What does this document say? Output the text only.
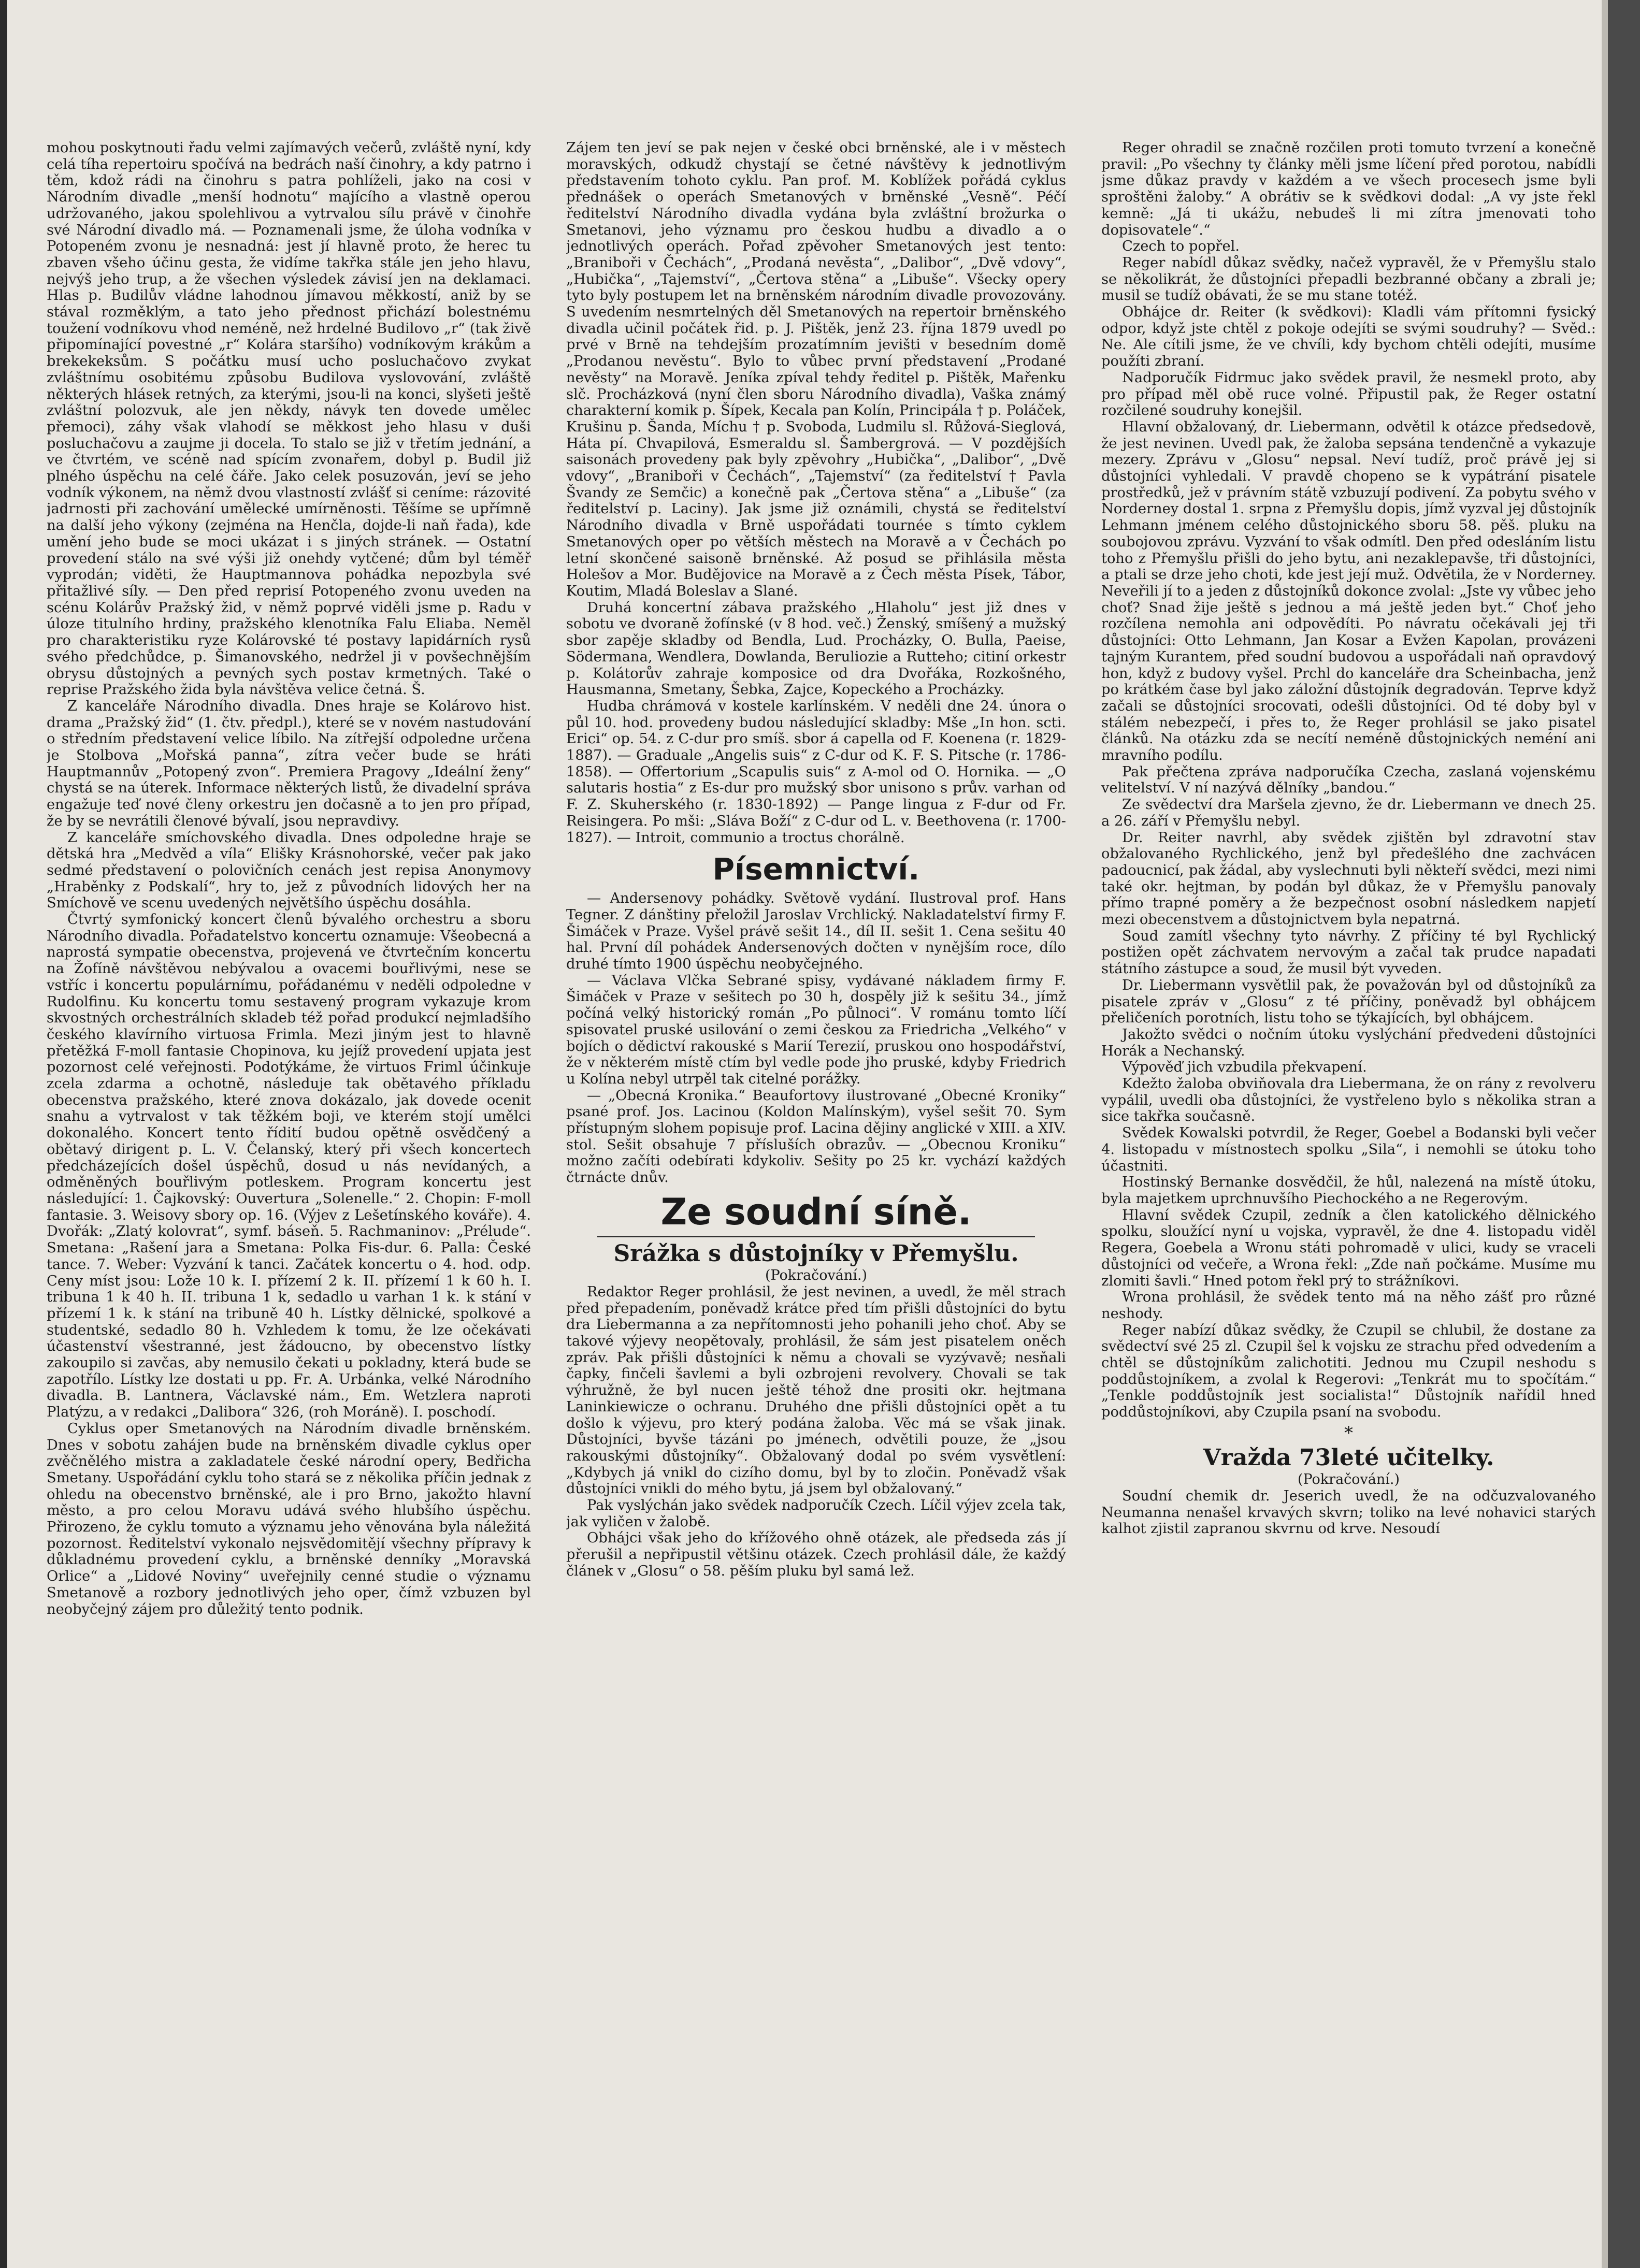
mohou poskytnouti řadu velmi zajímavých večerů, zvláště nyní, kdy celá tíha repertoiru spočívá na bedrách naší činohry, a kdy patrno i těm, kdož rádi na činohru s patra pohlíželi, jako na cosi v Národním divadle „menší hodnotu“ majícího a vlastně operou udržovaného, jakou spolehlivou a vytrvalou sílu právě v činohře své Národní divadlo má. — Poznamenali jsme, že úloha vodníka v Potopeném zvonu je nesnadná: jest jí hlavně proto, že herec tu zbaven všeho účinu gesta, že vidíme takřka stále jen jeho hlavu, nejvýš jeho trup, a že všechen výsledek závisí jen na deklamaci. Hlas p. Budilův vládne lahodnou jímavou měkkostí, aniž by se stával rozměklým, a tato jeho přednost přichází bolestnému toužení vodníkovu vhod neméně, než hrdelné Budilovo „r“ (tak živě připomínající povestné „r“ Kolára staršího) vodníkovým krákům a brekekeksům. S počátku musí ucho posluchačovo zvykat zvláštnímu osobitému způsobu Budilova vyslovování, zvláště některých hlásek retných, za kterými, jsou-li na konci, slyšeti ještě zvláštní polozvuk, ale jen někdy, návyk ten dovede umělec přemoci), záhy však vlahodí se měkkost jeho hlasu v duši posluchačovu a zaujme ji docela. To stalo se již v třetím jednání, a ve čtvrtém, ve scéně nad spícím zvonařem, dobyl p. Budil již plného úspěchu na celé čáře. Jako celek posuzován, jeví se jeho vodník výkonem, na němž dvou vlastností zvlášť si ceníme: rázovité jadrnosti při zachování umělecké umírněnosti. Těšíme se upřímně na další jeho výkony (zejména na Henčla, dojde-li naň řada), kde umění jeho bude se moci ukázat i s jiných stránek. — Ostatní provedení stálo na své výši již onehdy vytčené; dům byl téměř vyprodán; viděti, že Hauptmannova pohádka nepozbyla své přitažlivé síly. — Den před reprisí Potopeného zvonu uveden na scénu Kolárův Pražský žid, v němž poprvé viděli jsme p. Radu v úloze titulního hrdiny, pražského klenotníka Falu Eliaba. Neměl pro charakteristiku ryze Kolárovské té postavy lapidárních rysů svého předchůdce, p. Šimanovského, nedržel ji v povšechnějším obrysu důstojných a pevných sych postav krmetných. Také o reprise Pražského žida byla návštěva velice četná. Š.

Z kanceláře Národního divadla. Dnes hraje se Kolárovo hist. drama „Pražský žid“ (1. čtv. předpl.), které se v novém nastudování o středním představení velice líbilo. Na zítřejší odpoledne určena je Stolbova „Mořská panna“, zítra večer bude se hráti Hauptmannův „Potopený zvon“. Premiera Pragovy „Ideální ženy“ chystá se na úterek. Informace některých listů, že divadelní správa engažuje teď nové členy orkestru jen dočasně a to jen pro případ, že by se nevrátili členové bývalí, jsou nepravdivy.

Z kanceláře smíchovského divadla. Dnes odpoledne hraje se dětská hra „Medvěd a víla“ Elišky Krásnohorské, večer pak jako sedmé představení o polovičních cenách jest repisa Anonymovy „Hraběnky z Podskalí“, hry to, jež z původních lidových her na Smíchově ve scenu uvedených největšího úspěchu dosáhla.

Čtvrtý symfonický koncert členů bývalého orchestru a sboru Národního divadla. Pořadatelstvo koncertu oznamuje: Všeobecná a naprostá sympatie obecenstva, projevená ve čtvrtečním koncertu na Žofíně návštěvou nebývalou a ovacemi bouřlivými, nese se vstříc i koncertu populárnímu, pořádanému v neděli odpoledne v Rudolfinu. Ku koncertu tomu sestavený program vykazuje krom skvostných orchestrálních skladeb též pořad produkcí nejmladšího českého klavírního virtuosa Frimla. Mezi jiným jest to hlavně přetěžká F-moll fantasie Chopinova, ku jejíž provedení upjata jest pozornost celé veřejnosti. Podotýkáme, že virtuos Friml účinkuje zcela zdarma a ochotně, následuje tak obětavého příkladu obecenstva pražského, které znova dokázalo, jak dovede ocenit snahu a vytrvalost v tak těžkém boji, ve kterém stojí umělci dokonalého. Koncert tento řídití budou opětně osvědčený a obětavý dirigent p. L. V. Čelanský, který při všech koncertech předcházejících došel úspěchů, dosud u nás nevídaných, a odměněných bouřlivým potleskem. Program koncertu jest následující: 1. Čajkovský: Ouvertura „Solenelle.“ 2. Chopin: F-moll fantasie. 3. Weisovy sbory op. 16. (Výjev z Lešetínského kováře). 4. Dvořák: „Zlatý kolovrat“, symf. báseň. 5. Rachmaninov: „Prélude“. Smetana: „Rašení jara a Smetana: Polka Fis-dur. 6. Palla: České tance. 7. Weber: Vyzvání k tanci. Začátek koncertu o 4. hod. odp. Ceny míst jsou: Lože 10 k. I. přízemí 2 k. II. přízemí 1 k 60 h. I. tribuna 1 k 40 h. II. tribuna 1 k, sedadlo u varhan 1 k. k stání v přízemí 1 k. k stání na tribuně 40 h. Lístky dělnické, spolkové a studentské, sedadlo 80 h. Vzhledem k tomu, že lze očekávati účastenství všestranné, jest žádoucno, by obecenstvo lístky zakoupilo si zavčas, aby nemusilo čekati u pokladny, která bude se zapotřílo. Lístky lze dostati u pp. Fr. A. Urbánka, velké Národního divadla. B. Lantnera, Václavské nám., Em. Wetzlera naproti Platýzu, a v redakci „Dalibora“ 326, (roh Moráně). I. poschodí.

Cyklus oper Smetanových na Národním divadle brněnském. Dnes v sobotu zahájen bude na brněnském divadle cyklus oper zvěčnělého mistra a zakladatele české národní opery, Bedřicha Smetany. Uspořádání cyklu toho stará se z několika příčin jednak z ohledu na obecenstvo brněnské, ale i pro Brno, jakožto hlavní město, a pro celou Moravu udává svého hlubšího úspěchu. Přirozeno, že cyklu tomuto a významu jeho věnována byla náležitá pozornost. Ředitelství vykonalo nejsvědomitějí všechny přípravy k důkladnému provedení cyklu, a brněnské denníky „Moravská Orlice“ a „Lidové Noviny“ uveřejnily cenné studie o významu Smetanově a rozbory jednotlivých jeho oper, čímž vzbuzen byl neobyčejný zájem pro důležitý tento podnik.

Zájem ten jeví se pak nejen v české obci brněnské, ale i v městech moravských, odkudž chystají se četné návštěvy k jednotlivým představením tohoto cyklu. Pan prof. M. Koblížek pořádá cyklus přednášek o operách Smetanových v brněnské „Vesně“. Péčí ředitelství Národního divadla vydána byla zvláštní brožurka o Smetanovi, jeho významu pro českou hudbu a divadlo a o jednotlivých operách. Pořad zpěvoher Smetanových jest tento: „Braniboři v Čechách“, „Prodaná nevěsta“, „Dalibor“, „Dvě vdovy“, „Hubička“, „Tajemství“, „Čertova stěna“ a „Libuše“. Všecky opery tyto byly postupem let na brněnském národním divadle provozovány. S uvedením nesmrtelných děl Smetanových na repertoir brněnského divadla učinil počátek řid. p. J. Pištěk, jenž 23. října 1879 uvedl po prvé v Brně na tehdejším prozatímním jevišti v besedním domě „Prodanou nevěstu“. Bylo to vůbec první představení „Prodané nevěsty“ na Moravě. Jeníka zpíval tehdy ředitel p. Pištěk, Mařenku slč. Procházková (nyní člen sboru Národního divadla), Vaška známý charakterní komik p. Šípek, Kecala pan Kolín, Principála † p. Poláček, Krušinu p. Šanda, Míchu † p. Svoboda, Ludmilu sl. Růžová-Sieglová, Háta pí. Chvapilová, Esmeraldu sl. Šambergrová. — V pozdějších saisonách provedeny pak byly zpěvohry „Hubička“, „Dalibor“, „Dvě vdovy“, „Braniboři v Čechách“, „Tajemství“ (za ředitelství † Pavla Švandy ze Semčic) a konečně pak „Čertova stěna“ a „Libuše“ (za ředitelství p. Laciny). Jak jsme již oznámili, chystá se ředitelství Národního divadla v Brně uspořádati tournée s tímto cyklem Smetanových oper po větších městech na Moravě a v Čechách po letní skončené saisoně brněnské. Až posud se přihlásila města Holešov a Mor. Budějovice na Moravě a z Čech města Písek, Tábor, Koutim, Mladá Boleslav a Slané.

Druhá koncertní zábava pražského „Hlaholu“ jest již dnes v sobotu ve dvoraně žofínské (v 8 hod. več.) Ženský, smíšený a mužský sbor zapěje skladby od Bendla, Lud. Procházky, O. Bulla, Paeise, Södermana, Wendlera, Dowlanda, Beruliozie a Rutteho; citiní orkestr p. Kolátorův zahraje komposice od dra Dvořáka, Rozkošného, Hausmanna, Smetany, Šebka, Zajce, Kopeckého a Procházky.

Hudba chrámová v kostele karlínském. V neděli dne 24. února o půl 10. hod. provedeny budou následující skladby: Mše „In hon. scti. Erici“ op. 54. z C-dur pro smíš. sbor á capella od F. Koenena (r. 1829-1887). — Graduale „Angelis suis“ z C-dur od K. F. S. Pitsche (r. 1786-1858). — Offertorium „Scapulis suis“ z A-mol od O. Hornika. — „O salutaris hostia“ z Es-dur pro mužský sbor unisono s prův. varhan od F. Z. Skuherského (r. 1830-1892) — Pange lingua z F-dur od Fr. Reisingera. Po mši: „Sláva Boží“ z C-dur od L. v. Beethovena (r. 1700-1827). — Introit, communio a troctus chorálně.

Písemnictví.

— Andersenovy pohádky. Světově vydání. Ilustroval prof. Hans Tegner. Z dánštiny přeložil Jaroslav Vrchlický. Nakladatelství firmy F. Šimáček v Praze. Vyšel právě sešit 14., díl II. sešit 1. Cena sešitu 40 hal. První díl pohádek Andersenových dočten v nynějším roce, dílo druhé tímto 1900 úspěchu neobyčejného.

— Václava Vlčka Sebrané spisy, vydávané nákladem firmy F. Šimáček v Praze v sešitech po 30 h, dospěly již k sešitu 34., jímž počíná velký historický román „Po půlnoci“. V románu tomto líčí spisovatel pruské usilování o zemi českou za Friedricha „Velkého“ v bojích o dědictví rakouské s Marií Terezií, pruskou ono hospodářství, že v některém místě ctím byl vedle pode jho pruské, kdyby Friedrich u Kolína nebyl utrpěl tak citelné porážky.

— „Obecná Kronika.“ Beaufortovy ilustrované „Obecné Kroniky“ psané prof. Jos. Lacinou (Koldon Malínským), vyšel sešit 70. Sym přístupným slohem popisuje prof. Lacina dějiny anglické v XIII. a XIV. stol. Sešit obsahuje 7 přísluších obrazův. — „Obecnou Kroniku“ možno začíti odebírati kdykoliv. Sešity po 25 kr. vychází každých čtrnácte dnův.

Ze soudní síně.
Srážka s důstojníky v Přemyšlu.
(Pokračování.)

Redaktor Reger prohlásil, že jest nevinen, a uvedl, že měl strach před přepadením, poněvadž krátce před tím přišli důstojníci do bytu dra Liebermanna a za nepřítomnosti jeho pohanili jeho choť. Aby se takové výjevy neopětovaly, prohlásil, že sám jest pisatelem oněch zpráv. Pak přišli důstojníci k němu a chovali se vyzývavě; nesňali čapky, finčeli šavlemi a byli ozbrojeni revolvery. Chovali se tak výhružně, že byl nucen ještě téhož dne prositi okr. hejtmana Laninkiewicze o ochranu. Druhého dne přišli důstojníci opět a tu došlo k výjevu, pro který podána žaloba. Věc má se však jinak. Důstojníci, byvše tázáni po jménech, odvětili pouze, že „jsou rakouskými důstojníky“. Obžalovaný dodal po svém vysvětlení: „Kdybych já vnikl do cizího domu, byl by to zločin. Poněvadž však důstojníci vnikli do mého bytu, já jsem byl obžalovaný.“

Pak vyslýchán jako svědek nadporučík Czech. Líčil výjev zcela tak, jak vyličen v žalobě.

Obhájci však jeho do křížového ohně otázek, ale předseda zás jí přerušil a nepřipustil většinu otázek. Czech prohlásil dále, že každý článek v „Glosu“ o 58. pěším pluku byl samá lež.

Reger ohradil se značně rozčilen proti tomuto tvrzení a konečně pravil: „Po všechny ty články měli jsme líčení před porotou, nabídli jsme důkaz pravdy v každém a ve všech procesech jsme byli sproštěni žaloby.“ A obrátiv se k svědkovi dodal: „A vy jste řekl kemně: „Já ti ukážu, nebudeš li mi zítra jmenovati toho dopisovatele“.“

Czech to popřel.

Reger nabídl důkaz svědky, načež vypravěl, že v Přemyšlu stalo se několikrát, že důstojníci přepadli bezbranné občany a zbrali je; musil se tudíž obávati, že se mu stane totéž.

Obhájce dr. Reiter (k svědkovi): Kladli vám přítomni fysický odpor, když jste chtěl z pokoje odejíti se svými soudruhy? — Svěd.: Ne. Ale cítili jsme, že ve chvíli, kdy bychom chtěli odejíti, musíme použíti zbraní.

Nadporučík Fidrmuc jako svědek pravil, že nesmekl proto, aby pro případ měl obě ruce volné. Připustil pak, že Reger ostatní rozčilené soudruhy konejšil.

Hlavní obžalovaný, dr. Liebermann, odvětil k otázce předsedově, že jest nevinen. Uvedl pak, že žaloba sepsána tendenčně a vykazuje mezery. Zprávu v „Glosu“ nepsal. Neví tudíž, proč právě jej si důstojníci vyhledali. V pravdě chopeno se k vypátrání pisatele prostředků, jež v právním státě vzbuzují podivení. Za pobytu svého v Norderney dostal 1. srpna z Přemyšlu dopis, jímž vyzval jej důstojník Lehmann jménem celého důstojnického sboru 58. pěš. pluku na soubojovou zprávu. Vyzvání to však odmítl. Den před odesláním listu toho z Přemyšlu přišli do jeho bytu, ani nezaklepavše, tři důstojníci, a ptali se drze jeho choti, kde jest její muž. Odvětila, že v Norderney. Neveřili jí to a jeden z důstojníků dokonce zvolal: „Jste vy vůbec jeho choť? Snad žije ještě s jednou a má ještě jeden byt.“ Choť jeho rozčílena nemohla ani odpovědíti. Po návratu očekávali jej tři důstojníci: Otto Lehmann, Jan Kosar a Evžen Kapolan, provázeni tajným Kurantem, před soudní budovou a uspořádali naň opravdový hon, když z budovy vyšel. Prchl do kanceláře dra Scheinbacha, jenž po krátkém čase byl jako záložní důstojník degradován. Teprve když začali se důstojníci srocovati, odešli důstojníci. Od té doby byl v stálém nebezpečí, i přes to, že Reger prohlásil se jako pisatel článků. Na otázku zda se necítí neméně důstojnických neméní ani mravního podílu.

Pak přečtena zpráva nadporučíka Czecha, zaslaná vojenskému velitelství. V ní nazývá dělníky „bandou.“

Ze svědectví dra Maršela zjevno, že dr. Liebermann ve dnech 25. a 26. září v Přemyšlu nebyl.

Dr. Reiter navrhl, aby svědek zjištěn byl zdravotní stav obžalovaného Rychlického, jenž byl předešlého dne zachvácen padoucnicí, pak žádal, aby vyslechnuti byli někteří svědci, mezi nimi také okr. hejtman, by podán byl důkaz, že v Přemyšlu panovaly přímo trapné poměry a že bezpečnost osobní následkem napjetí mezi obecenstvem a důstojnictvem byla nepatrná.

Soud zamítl všechny tyto návrhy. Z příčiny té byl Rychlický postižen opět záchvatem nervovým a začal tak prudce napadati státního zástupce a soud, že musil být vyveden.

Dr. Liebermann vysvětlil pak, že považován byl od důstojníků za pisatele zpráv v „Glosu“ z té příčiny, poněvadž byl obhájcem přeličeních porotních, listu toho se týkajících, byl obhájcem.

Jakožto svědci o nočním útoku vyslýchání předvedeni důstojníci Horák a Nechanský.

Výpověď jich vzbudila překvapení.

Kdežto žaloba obviňovala dra Liebermana, že on rány z revolveru vypálil, uvedli oba důstojníci, že vystřeleno bylo s několika stran a sice takřka současně.

Svědek Kowalski potvrdil, že Reger, Goebel a Bodanski byli večer 4. listopadu v místnostech spolku „Sila“, i nemohli se útoku toho účastniti.

Hostinský Bernanke dosvědčil, že hůl, nalezená na místě útoku, byla majetkem uprchnuvšího Piechockého a ne Regerovým.

Hlavní svědek Czupil, zedník a člen katolického dělnického spolku, sloužící nyní u vojska, vypravěl, že dne 4. listopadu viděl Regera, Goebela a Wronu státi pohromadě v ulici, kudy se vraceli důstojníci od večeře, a Wrona řekl: „Zde naň počkáme. Musíme mu zlomiti šavli.“ Hned potom řekl prý to strážníkovi.

Wrona prohlásil, že svědek tento má na něho zášť pro různé neshody.

Reger nabízí důkaz svědky, že Czupil se chlubil, že dostane za svědectví své 25 zl. Czupil šel k vojsku ze strachu před odvedením a chtěl se důstojníkům zalichotiti. Jednou mu Czupil neshodu s poddůstojníkem, a zvolal k Regerovi: „Tenkrát mu to spočítám.“ „Tenkle poddůstojník jest socialista!“ Důstojník nařídil hned poddůstojníkovi, aby Czupila psaní na svobodu.

*
Vražda 73leté učitelky.
(Pokračování.)

Soudní chemik dr. Jeserich uvedl, že na odčuzvalovaného Neumanna nenašel krvavých skvrn; toliko na levé nohavici starých kalhot zjistil zapranou skvrnu od krve. Nesoudí
